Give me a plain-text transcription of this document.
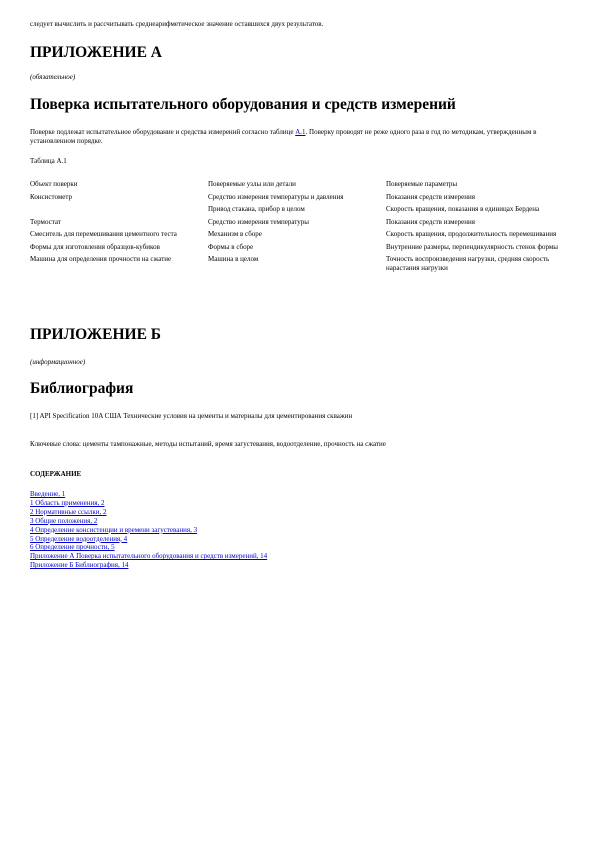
следует вычислить и рассчитывать среднеарифметическое значение оставшихся двух результатов.
ПРИЛОЖЕНИЕ А
(обязательное)
Поверка испытательного оборудования и средств измерений
Поверке подлежат испытательное оборудование и средства измерений согласно таблице А.1. Поверку проводят не реже одного раза в год по методикам, утвержденным в установленном порядке.
Таблица А.1
Объект поверки	Поверяемые узлы или детали	Поверяемые параметры
Консистометр	Средство измерения температуры и давления	Показания средств измерения
	Привод стакана, прибор в целом	Скорость вращения, показания в единицах Бердена
Термостат	Средство измерения температуры	Показания средств измерения
Смеситель для перемешивания цементного теста	Механизм в сборе	Скорость вращения, продолжительность перемешивания
Формы для изготовления образцов-кубиков	Формы в сборе	Внутренние размеры, перпендикулярность стенок формы
Машина для определения прочности на сжатие	Машина в целом	Точность воспроизведения нагрузки, средняя скорость нарастания нагрузки
ПРИЛОЖЕНИЕ Б
(информационное)
Библиография
[1] API Specification 10A США Технические условия на цементы и материалы для цементирования скважин
Ключевые слова: цементы тампонажные, методы испытаний, время загустевания, водоотделение, прочность на сжатие
СОДЕРЖАНИЕ
Введение, 1
1 Область применения, 2
2 Нормативные ссылки, 2
3 Общие положения, 2
4 Определение консистенции и времени загустевания, 3
5 Определение водоотделения, 4
6 Определение прочности, 5
Приложение А Поверка испытательного оборудования и средств измерений, 14
Приложение Б Библиография, 14
